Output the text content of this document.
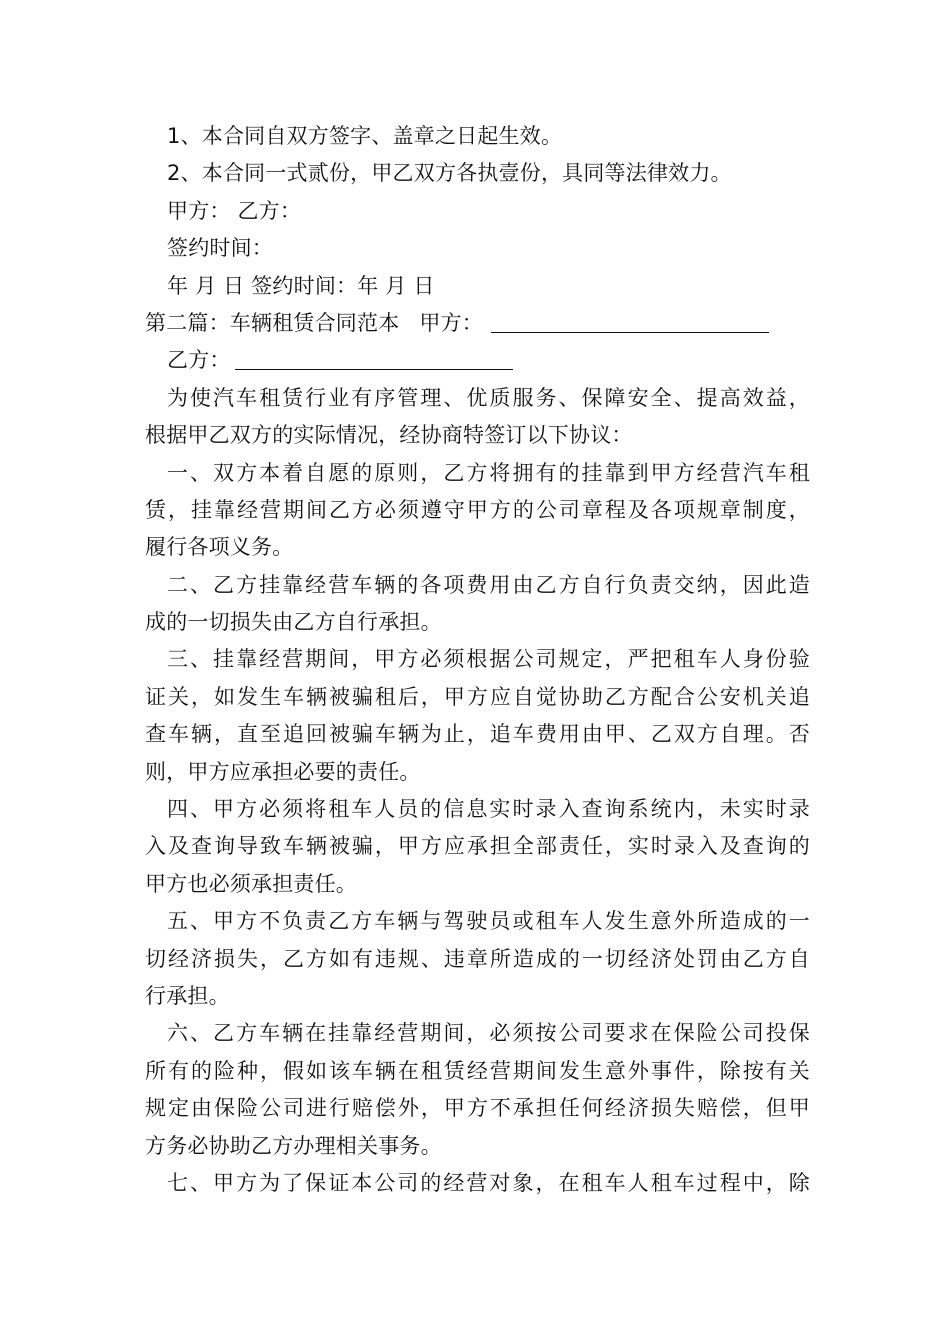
1、本合同自双方签字、盖章之日起生效。
2、本合同一式贰份，甲乙双方各执壹份，具同等法律效力。
甲方： 乙方：
签约时间：
年 月 日 签约时间：年 月 日
第二篇：车辆租赁合同范本 甲方：
乙方：
为使汽车租赁行业有序管理、优质服务、保障安全、提高效益，
根据甲乙双方的实际情况，经协商特签订以下协议：
一、双方本着自愿的原则，乙方将拥有的挂靠到甲方经营汽车租
赁，挂靠经营期间乙方必须遵守甲方的公司章程及各项规章制度，
履行各项义务。
二、乙方挂靠经营车辆的各项费用由乙方自行负责交纳，因此造
成的一切损失由乙方自行承担。
三、挂靠经营期间，甲方必须根据公司规定，严把租车人身份验
证关，如发生车辆被骗租后，甲方应自觉协助乙方配合公安机关追
查车辆，直至追回被骗车辆为止，追车费用由甲、乙双方自理。否
则，甲方应承担必要的责任。
四、甲方必须将租车人员的信息实时录入查询系统内，未实时录
入及查询导致车辆被骗，甲方应承担全部责任，实时录入及查询的
甲方也必须承担责任。
五、甲方不负责乙方车辆与驾驶员或租车人发生意外所造成的一
切经济损失，乙方如有违规、违章所造成的一切经济处罚由乙方自
行承担。
六、乙方车辆在挂靠经营期间，必须按公司要求在保险公司投保
所有的险种，假如该车辆在租赁经营期间发生意外事件，除按有关
规定由保险公司进行赔偿外，甲方不承担任何经济损失赔偿，但甲
方务必协助乙方办理相关事务。
七、甲方为了保证本公司的经营对象，在租车人租车过程中，除
